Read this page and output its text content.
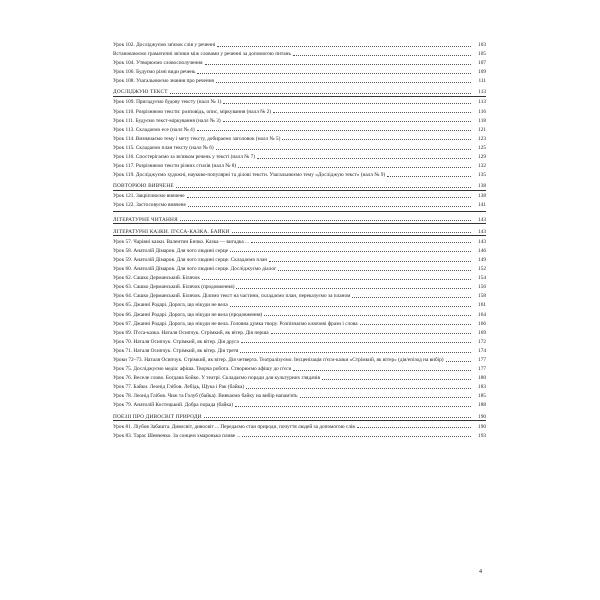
Урок 102. Досліджуємо зв'язок слів у реченні	103
Встановлюємо граматичні зв'язки між словами у реченні за допомогою питань	105
Урок 104. Утворюємо словосполучення	107
Урок 106. Будуємо різні види речень	109
Урок 108. Узагальнюємо знання про речення	111
ДОСЛІДЖУЮ ТЕКСТ	113
Урок 109. Пригадуємо будову тексту (налл № 1)	113
Урок 110. Розрізняємо тексти: розповідь, опис, міркування (налл № 2)	116
Урок 111. Будуємо текст-міркування (налл № 3)	118
Урок 113. Складаємо есе (налл № 4)	121
Урок 114. Визначаємо тему і мету тексту, добираємо заголовок (налл № 5)	123
Урок 115. Складаємо план тексту (налл № 6)	125
Урок 116. Спостерігаємо за зв'язком речень у тексті (налл № 7)	129
Урок 117. Розрізняємо тексти різних стилів (налл № 8)	132
Урок 119. Досліджуємо художні, науково-популярні та ділові тексти. Узагальнюємо тему «Досліджую текст» (налл № 9)	135
ПОВТОРЮЮ ВИВЧЕНЕ	138
Урок 121. Закріплюємо вивчене	138
Урок 122. Застосовуємо вивчене	141
ЛІТЕРАТУРНЕ ЧИТАННЯ	143
ЛІТЕРАТУРНІ КАЗКИ. П'ЄСА-КАЗКА. БАЙКИ	143
Урок 57. Чарівні казки. Валентин Бичко. Казка — вигадка ...	143
Урок 58. Анатолій Дімаров. Для чого людині серце	146
Урок 59. Анатолій Дімаров. Для чого людині серце. Складаємо план	149
Урок 60. Анатолій Дімаров. Для чого людині серце. Досліджуємо діалог	152
Урок 62. Сашко Дерманський. Біля́чок	154
Урок 63. Сашко Дерманський. Біля́чок (продовження)	156
Урок 64. Сашко Дерманський. Біля́чок. Ділимо текст на частини, складаємо план, переказуємо за планом	158
Урок 65. Джанні Родарі. Дорога, що нікуди не вела	161
Урок 66. Джанні Родарі. Дорога, що нікуди не вела (продовження)	164
Урок 67. Джанні Родарі. Дорога, що нікуди не вела. Головна думка твору. Розпізнаємо ключові фрази і слова	166
Урок 69. П'єса-казка. Наталя Осипчук. Стрімкий, як вітер. Дія перша	169
Урок 70. Наталя Осипчук. Стрімкий, як вітер. Дія друга	172
Урок 71. Наталя Осипчук. Стрімкий, як вітер. Дія третя	174
Уроки 72–73. Наталя Осипчук. Стрімкий, як вітер. Дія четверта. Театралізуємо. Інсценізація п'єси-казки «Стрімкий, як вітер» (дія/епізод на вибір)	177
Урок 75. Досліджуємо медіа: афіша. Творча робота. Створюємо афішу до п'єси	177
Урок 76. Веселе слово. Богдана Бойко. У театрі. Складаємо поради для культурних глядачів	180
Урок 77. Байки. Леонід Глібов. Лебідь, Щука і Рак (байка)	183
Урок 78. Леонід Глібов. Чиж та Голуб (байка). Вивчаємо байку на вибір напам'ять	185
Урок 79. Анатолій Костецький. Добра порада (байка)	188
ПОЕЗІЇ ПРО ДИВОСВІТ ПРИРОДИ	190
Урок 81. Ліубов Забашта. Дивосвіт, дивосвіт ... Передаємо стан природи, почуття людей за допомогою слів	190
Урок 83. Тарас Шевченко. За сонцем хмаронька пливе ...	193
4
